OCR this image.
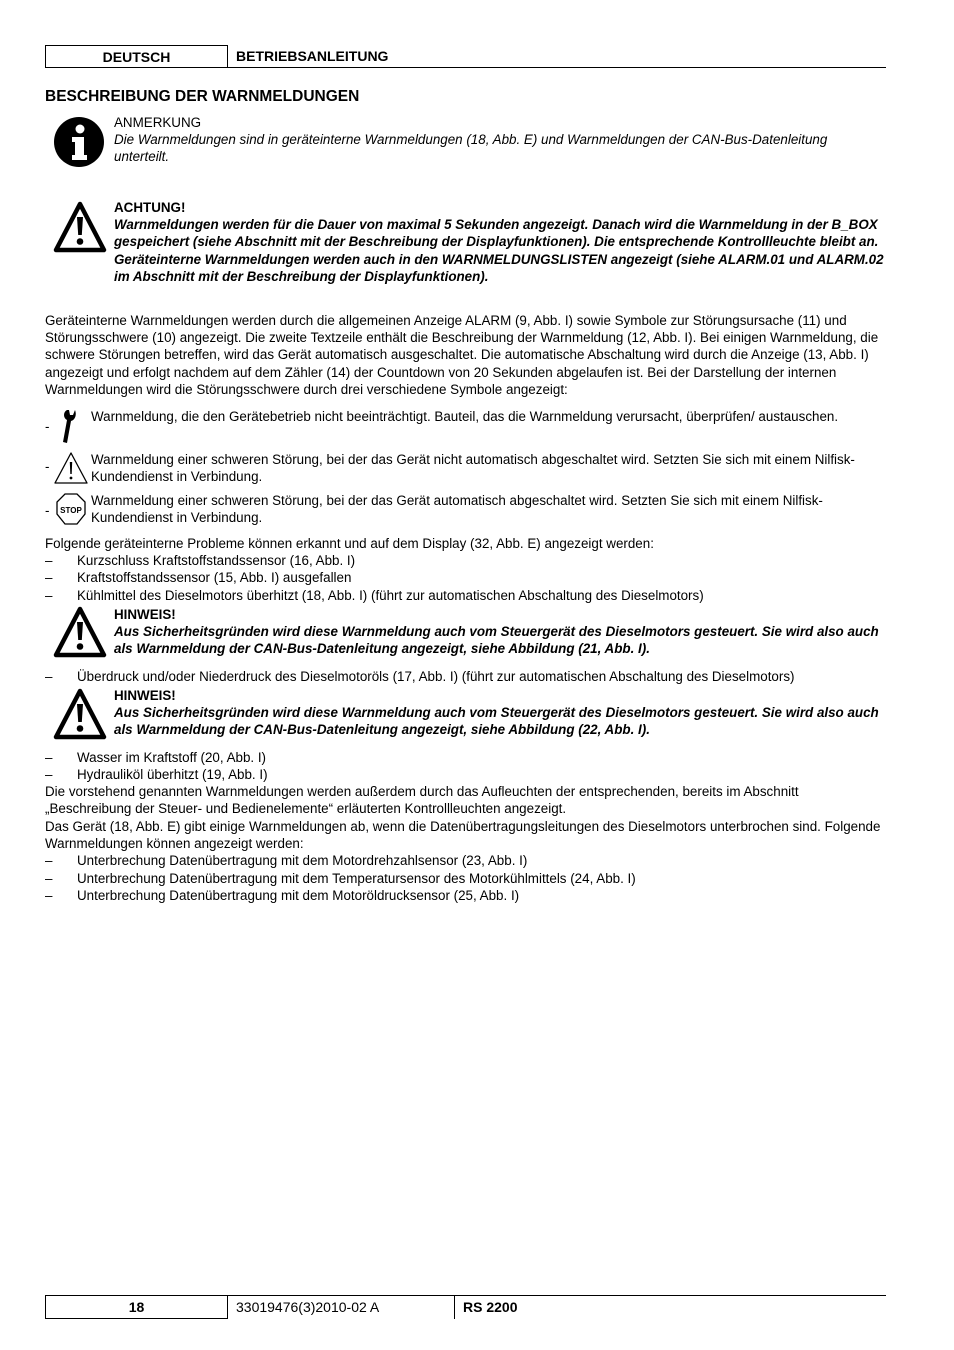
DEUTSCH	BETRIEBSANLEITUNG
BESCHREIBUNG DER WARNMELDUNGEN
ANMERKUNG
Die Warnmeldungen sind in geräteinterne Warnmeldungen (18, Abb. E) und Warnmeldungen der CAN-Bus-Datenleitung unterteilt.
ACHTUNG!
Warnmeldungen werden für die Dauer von maximal 5 Sekunden angezeigt. Danach wird die Warnmeldung in der B_BOX gespeichert (siehe Abschnitt mit der Beschreibung der Displayfunktionen). Die entsprechende Kontrollleuchte bleibt an.
Geräteinterne Warnmeldungen werden auch in den WARNMELDUNGSLISTEN angezeigt (siehe ALARM.01 und ALARM.02 im Abschnitt mit der Beschreibung der Displayfunktionen).
Geräteinterne Warnmeldungen werden durch die allgemeinen Anzeige ALARM (9, Abb. I) sowie Symbole zur Störungsursache (11) und Störungsschwere (10) angezeigt. Die zweite Textzeile enthält die Beschreibung der Warnmeldung (12, Abb. I). Bei einigen Warnmeldung, die schwere Störungen betreffen, wird das Gerät automatisch ausgeschaltet. Die automatische Abschaltung wird durch die Anzeige (13, Abb. I) angezeigt und erfolgt nachdem auf dem Zähler (14) der Countdown von 20 Sekunden abgelaufen ist. Bei der Darstellung der internen Warnmeldungen wird die Störungsschwere durch drei verschiedene Symbole angezeigt:
-
Warnmeldung, die den Gerätebetrieb nicht beeinträchtigt. Bauteil, das die Warnmeldung verursacht, überprüfen/ austauschen.
-	Warnmeldung einer schweren Störung, bei der das Gerät nicht automatisch abgeschaltet wird. Setzten Sie sich mit einem Nilfisk-Kundendienst in Verbindung.
- STOP
Warnmeldung einer schweren Störung, bei der das Gerät automatisch abgeschaltet wird. Setzten Sie sich mit einem Nilfisk-Kundendienst in Verbindung.
Folgende geräteinterne Probleme können erkannt und auf dem Display (32, Abb. E) angezeigt werden:
– Kurzschluss Kraftstoffstandssensor (16, Abb. I)
– Kraftstoffstandssensor (15, Abb. I) ausgefallen
– Kühlmittel des Dieselmotors überhitzt (18, Abb. I) (führt zur automatischen Abschaltung des Dieselmotors)
HINWEIS!
Aus Sicherheitsgründen wird diese Warnmeldung auch vom Steuergerät des Dieselmotors gesteuert. Sie wird also auch als Warnmeldung der CAN-Bus-Datenleitung angezeigt, siehe Abbildung (21, Abb. I).
– Überdruck und/oder Niederdruck des Dieselmotoröls (17, Abb. I) (führt zur automatischen Abschaltung des Dieselmotors)
HINWEIS!
Aus Sicherheitsgründen wird diese Warnmeldung auch vom Steuergerät des Dieselmotors gesteuert. Sie wird also auch als Warnmeldung der CAN-Bus-Datenleitung angezeigt, siehe Abbildung (22, Abb. I).
– Wasser im Kraftstoff (20, Abb. I)
– Hydrauliköl überhitzt (19, Abb. I)
Die vorstehend genannten Warnmeldungen werden außerdem durch das Aufleuchten der entsprechenden, bereits im Abschnitt „Beschreibung der Steuer- und Bedienelemente“ erläuterten Kontrollleuchten angezeigt.
Das Gerät (18, Abb. E) gibt einige Warnmeldungen ab, wenn die Datenübertragungsleitungen des Dieselmotors unterbrochen sind. Folgende Warnmeldungen können angezeigt werden:
– Unterbrechung Datenübertragung mit dem Motordrehzahlsensor (23, Abb. I)
– Unterbrechung Datenübertragung mit dem Temperatursensor des Motorkühlmittels (24, Abb. I)
– Unterbrechung Datenübertragung mit dem Motoröldrucksensor (25, Abb. I)
18	33019476(3)2010-02 A	RS 2200
